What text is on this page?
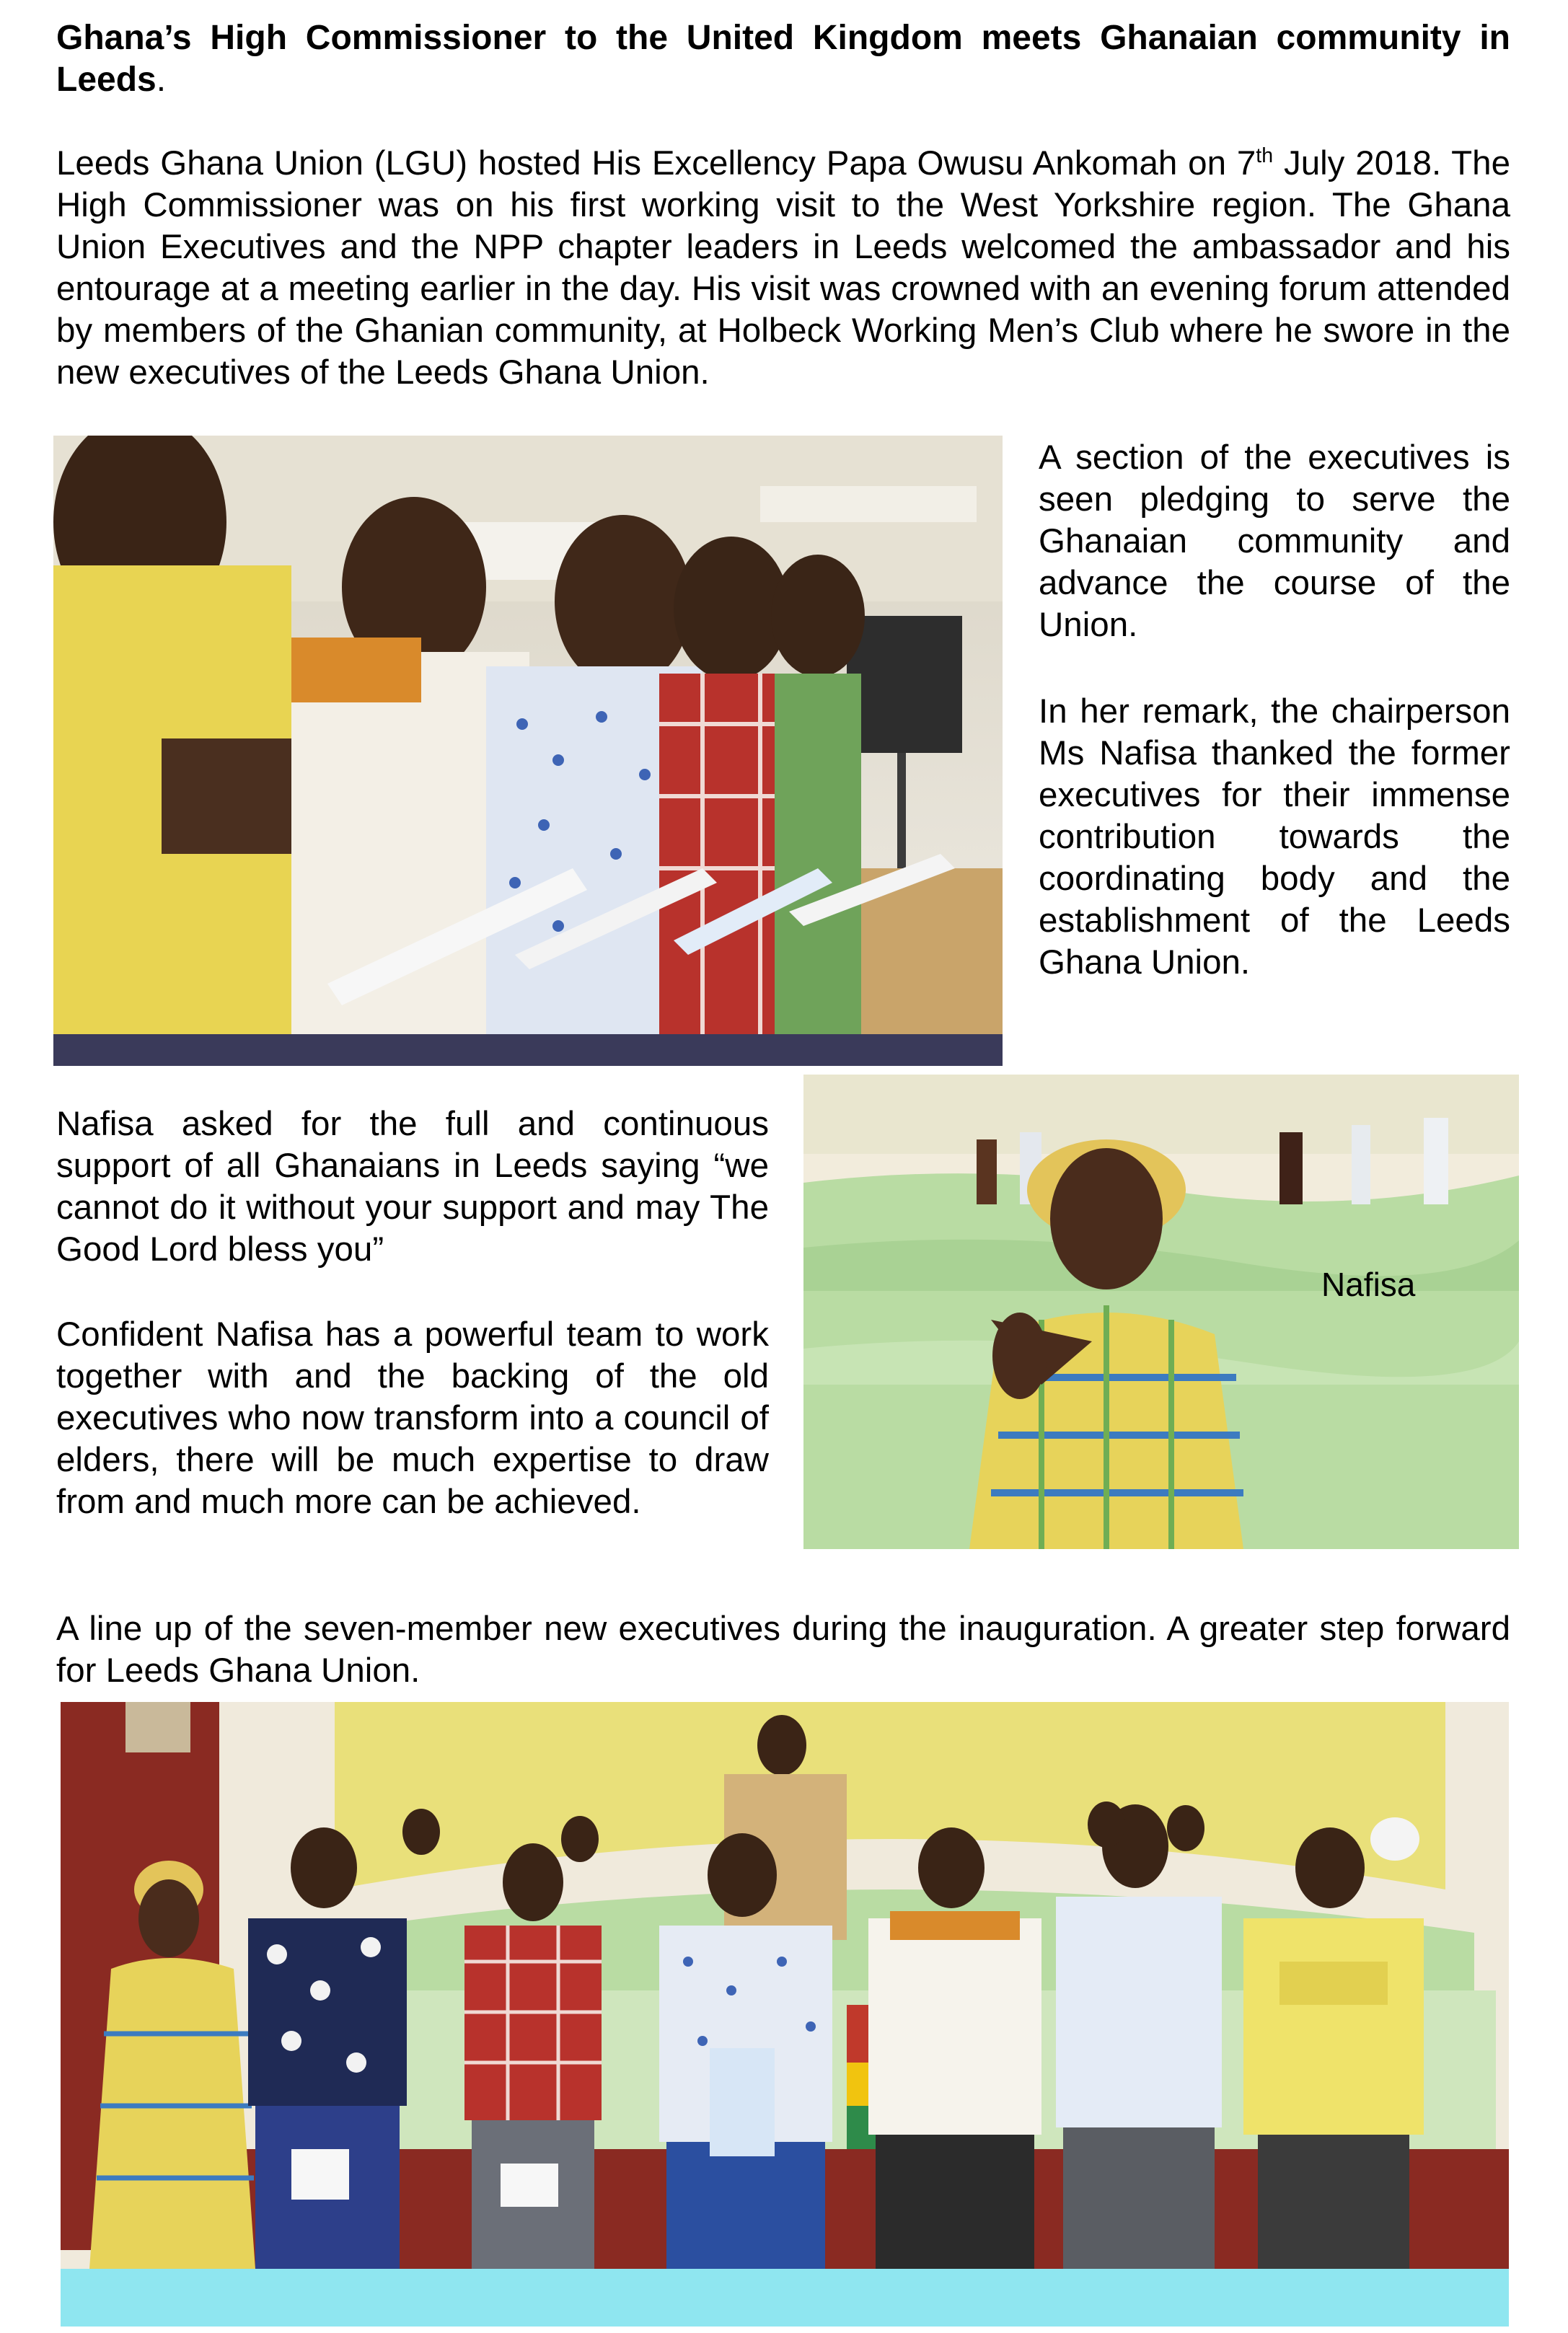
Ghana’s High Commissioner to the United Kingdom meets Ghanaian community in Leeds.

Leeds Ghana Union (LGU) hosted His Excellency Papa Owusu Ankomah on 7th July 2018. The High Commissioner was on his first working visit to the West Yorkshire region. The Ghana Union Executives and the NPP chapter leaders in Leeds welcomed the ambassador and his entourage at a meeting earlier in the day. His visit was crowned with an evening forum attended by members of the Ghanian community, at Holbeck Working Men’s Club where he swore in the new executives of the Leeds Ghana Union.

A section of the executives is seen pledging to serve the Ghanaian community and advance the course of the Union.

In her remark, the chairperson Ms Nafisa thanked the former executives for their immense contribution towards the coordinating body and the establishment of the Leeds Ghana Union.

Nafisa asked for the full and continuous support of all Ghanaians in Leeds saying “we cannot do it without your support and may The Good Lord bless you”

Confident Nafisa has a powerful team to work together with and the backing of the old executives who now transform into a council of elders, there will be much expertise to draw from and much more can be achieved.

Nafisa

A line up of the seven-member new executives during the inauguration. A greater step forward for Leeds Ghana Union.
